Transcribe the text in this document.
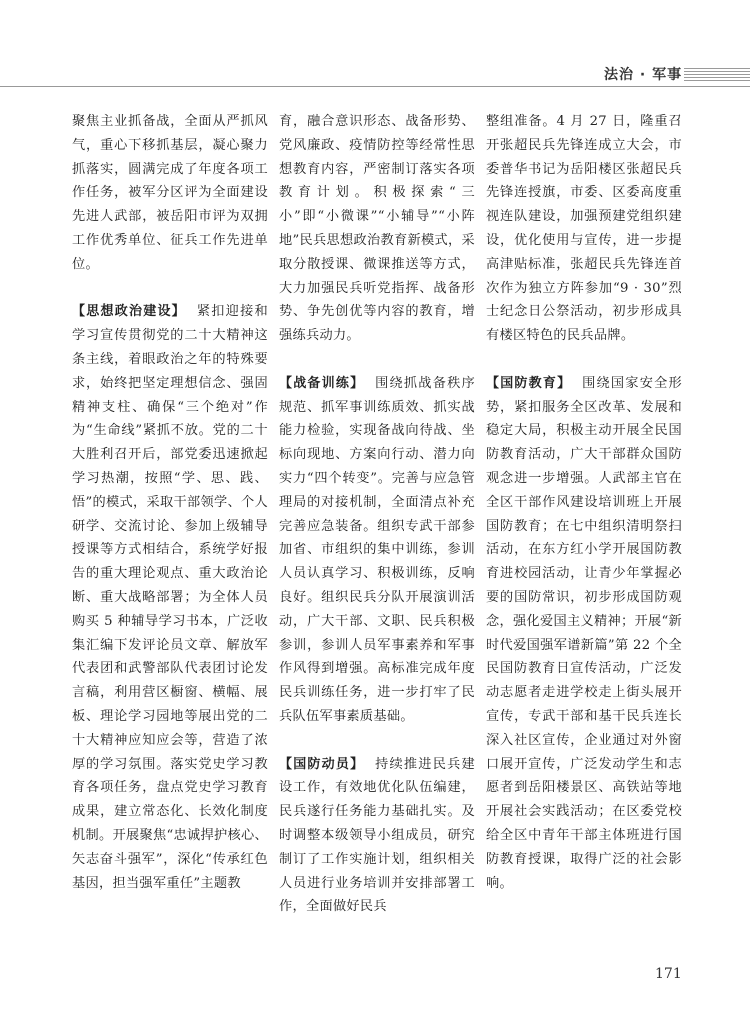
法治 · 军事

聚焦主业抓备战，全面从严抓风气，重心下移抓基层，凝心聚力抓落实，圆满完成了年度各项工作任务，被军分区评为全面建设先进人武部，被岳阳市评为双拥工作优秀单位、征兵工作先进单位。

【思想政治建设】 紧扣迎接和学习宣传贯彻党的二十大精神这条主线，着眼政治之年的特殊要求，始终把坚定理想信念、强固精神支柱、确保“三个绝对”作为“生命线”紧抓不放。党的二十大胜利召开后，部党委迅速掀起学习热潮，按照“学、思、践、悟”的模式，采取干部领学、个人研学、交流讨论、参加上级辅导授课等方式相结合，系统学好报告的重大理论观点、重大政治论断、重大战略部署；为全体人员购买 5 种辅导学习书本，广泛收集汇编下发评论员文章、解放军代表团和武警部队代表团讨论发言稿，利用营区橱窗、横幅、展板、理论学习园地等展出党的二十大精神应知应会等，营造了浓厚的学习氛围。落实党史学习教育各项任务，盘点党史学习教育成果，建立常态化、长效化制度机制。开展聚焦“忠诚捍护核心、矢志奋斗强军”，深化“传承红色基因，担当强军重任”主题教

育，融合意识形态、战备形势、党风廉政、疫情防控等经常性思想教育内容，严密制订落实各项教育计划。积极探索“三小”即“小微课”“小辅导”“小阵地”民兵思想政治教育新模式，采取分散授课、微课推送等方式，大力加强民兵听党指挥、战备形势、争先创优等内容的教育，增强练兵动力。

【战备训练】 围绕抓战备秩序规范、抓军事训练质效、抓实战能力检验，实现备战向待战、坐标向现地、方案向行动、潜力向实力“四个转变”。完善与应急管理局的对接机制，全面清点补充完善应急装备。组织专武干部参加省、市组织的集中训练，参训人员认真学习、积极训练，反响良好。组织民兵分队开展演训活动，广大干部、文职、民兵积极参训，参训人员军事素养和军事作风得到增强。高标准完成年度民兵训练任务，进一步打牢了民兵队伍军事素质基础。

【国防动员】 持续推进民兵建设工作，有效地优化队伍编建，民兵遂行任务能力基础扎实。及时调整本级领导小组成员，研究制订了工作实施计划，组织相关人员进行业务培训并安排部署工作，全面做好民兵

整组准备。4 月 27 日，隆重召开张超民兵先锋连成立大会，市委普华书记为岳阳楼区张超民兵先锋连授旗，市委、区委高度重视连队建设，加强预建党组织建设，优化使用与宣传，进一步提高津贴标准，张超民兵先锋连首次作为独立方阵参加“9 · 30”烈士纪念日公祭活动，初步形成具有楼区特色的民兵品牌。

【国防教育】 围绕国家安全形势，紧扣服务全区改革、发展和稳定大局，积极主动开展全民国防教育活动，广大干部群众国防观念进一步增强。人武部主官在全区干部作风建设培训班上开展国防教育；在七中组织清明祭扫活动，在东方红小学开展国防教育进校园活动，让青少年掌握必要的国防常识，初步形成国防观念，强化爱国主义精神；开展“新时代爱国强军谱新篇”第 22 个全民国防教育日宣传活动，广泛发动志愿者走进学校走上街头展开宣传，专武干部和基干民兵连长深入社区宣传，企业通过对外窗口展开宣传，广泛发动学生和志愿者到岳阳楼景区、高铁站等地开展社会实践活动；在区委党校给全区中青年干部主体班进行国防教育授课，取得广泛的社会影响。

171
